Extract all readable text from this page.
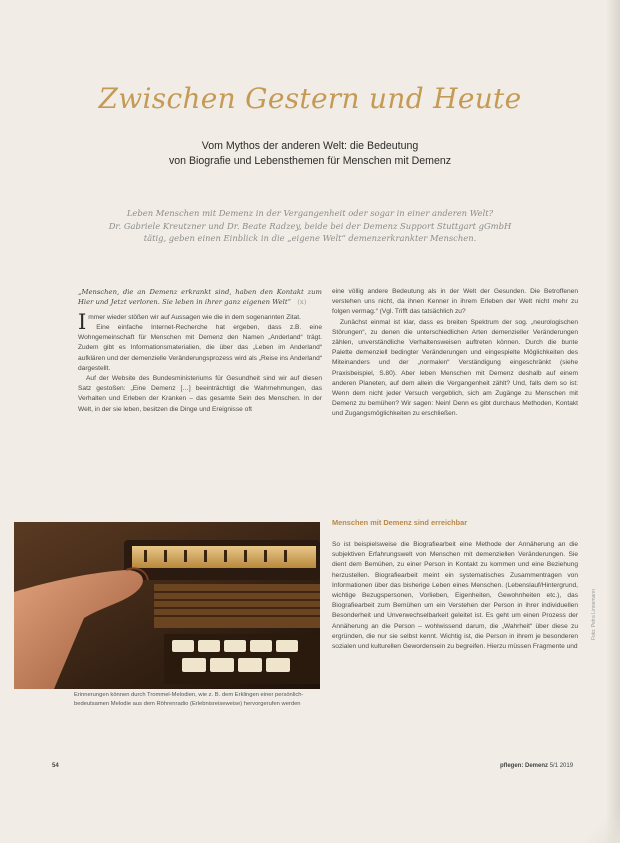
Zwischen Gestern und Heute
Vom Mythos der anderen Welt: die Bedeutung
von Biografie und Lebensthemen für Menschen mit Demenz
Leben Menschen mit Demenz in der Vergangenheit oder sogar in einer anderen Welt?
Dr. Gabriele Kreutzner und Dr. Beate Radzey, beide bei der Demenz Support Stuttgart gGmbH
tätig, geben einen Einblick in die „eigene Welt“ demenzerkrankter Menschen.
„Menschen, die an Demenz erkrankt sind, haben den Kontakt zum Hier und Jetzt verloren. Sie leben in ihrer ganz eigenen Welt“ (x)

I mmer wieder stößen wir auf Aussagen wie die in dem sogenannten Zitat.

Eine einfache Internet-Recherche hat ergeben, dass z.B. eine Wohngemeinschaft für Menschen mit Demenz den Namen „Anderland“ trägt. Zudem gibt es Informationsmaterialien, die über das „Leben im Anderland“ aufklären und der demenzielle Veränderungsprozess wird als „Reise ins Anderland“ dargestellt.

Auf der Website des Bundesministeriums für Gesundheit sind wir auf diesen Satz gestoßen: „Eine Demenz […] beeinträchtigt die Wahrnehmungen, das Verhalten und Erleben der Kranken – das gesamte Sein des Menschen. In der Welt, in der sie leben, besitzen die Dinge und Ereignisse oft

eine völlig andere Bedeutung als in der Welt der Gesunden. Die Betroffenen verstehen uns nicht, da ihnen Kenner in ihrem Erleben der Welt nicht mehr zu folgen vermag.“ (Vgl. Trifft das tatsächlich zu?

Zunächst einmal ist klar, dass es breiten Spektrum der sog. „neurologischen Störungen“, zu denen die unterschiedlichen Arten demenzieller Veränderungen zählen, unverständliche Verhaltensweisen auftreten können. Durch die bunte Palette demenziell bedingter Veränderungen und eingespielte Möglichkeiten des Miteinanders und der „normalen“ Verständigung eingeschränkt (siehe Praxisbeispiel, S.80). Aber leben Menschen mit Demenz deshalb auf einem anderen Planeten, auf dem allein die Vergangenheit zählt? Und, falls dem so ist: Wenn dem nicht jeder Versuch vergeblich, sich am Zugänge zu Menschen mit Demenz zu bemühen? Wir sagen: Nein! Denn es gibt durchaus Methoden, Kontakt und Zugangsmöglichkeiten zu erschließen.

Menschen mit Demenz sind erreichbar

So ist beispielsweise die Biografiearbeit eine Methode der Annäherung an die subjektiven Erfahrungswelt von Menschen mit demenziellen Veränderungen. Sie dient dem Bemühen, zu einer Person in Kontakt zu kommen und eine Beziehung herzustellen. Biografiearbeit meint ein systematisches Zusammentragen von Informationen über das bisherige Leben eines Menschen. (Lebenslauf/Hintergrund, wichtige Bezugspersonen, Vorlieben, Eigenheiten, Gewohnheiten etc.), das Biografiearbeit zum Bemühen um ein Verstehen der Person in ihrer individuellen Besonderheit und Unverwechselbarkeit geleitet ist. Es geht um einen Prozess der Annäherung an die Person – wohlwissend darum, die „Wahrheit“ über diese zu ergründen, die nur sie selbst kennt. Wichtig ist, die Person in ihrem je besonderen sozialen und kulturellen Gewordensein zu begreifen. Hierzu müssen Fragmente und

Erinnerungen können durch Trommel-Melodien, wie z. B. dem Erklingen einer persönlich-bedeutsamen Melodie aus dem Röhrenradio (Erlebnisreiseweise) hervorgerufen werden
Foto: Petra Linnemann
54	pflegen: Demenz 5/1 2019
